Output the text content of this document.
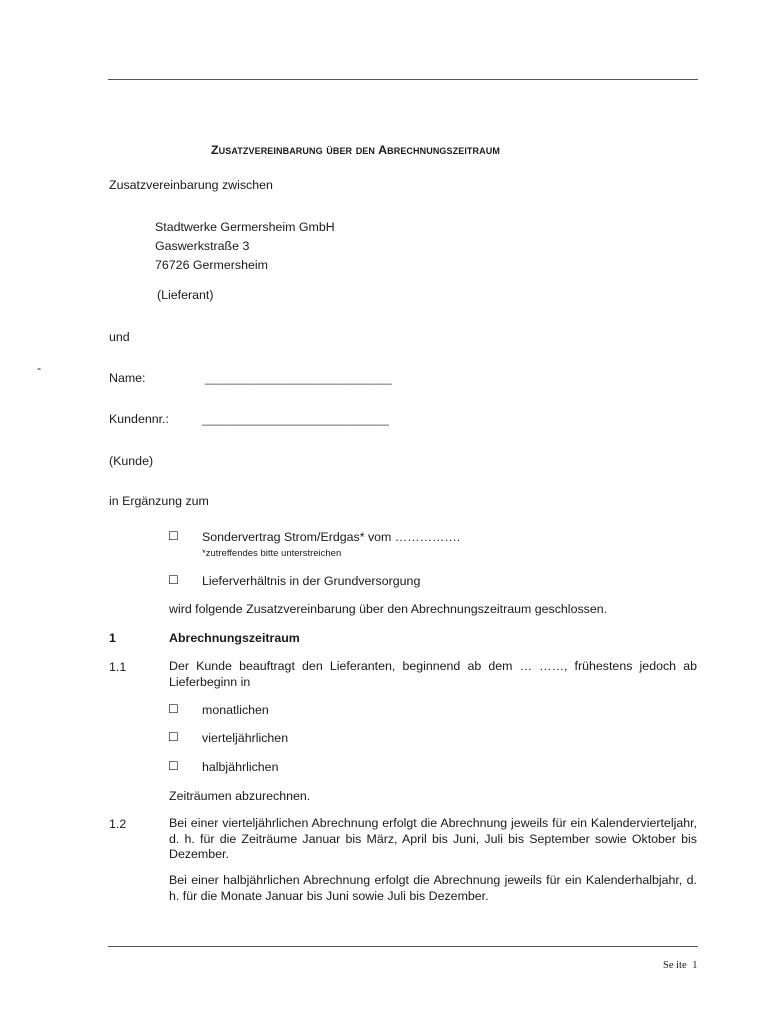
Zusatzvereinbarung über den Abrechnungszeitraum
Zusatzvereinbarung zwischen
Stadtwerke Germersheim GmbH
Gaswerkstraße 3
76726 Germersheim
(Lieferant)
und
-
Name:	____________________________
Kundennr.:	____________________________
(Kunde)
in Ergänzung zum
☐ Sondervertrag Strom/Erdgas* vom …………….
*zutreffendes bitte unterstreichen
☐ Lieferverhältnis in der Grundversorgung
wird folgende Zusatzvereinbarung über den Abrechnungszeitraum geschlossen.
1	Abrechnungszeitraum
1.1	Der Kunde beauftragt den Lieferanten, beginnend ab dem … ……, frühestens jedoch ab Lieferbeginn in
☐ monatlichen
☐ vierteljährlichen
☐ halbjährlichen
Zeiträumen abzurechnen.
1.2	Bei einer vierteljährlichen Abrechnung erfolgt die Abrechnung jeweils für ein Kalendervierteljahr, d. h. für die Zeiträume Januar bis März, April bis Juni, Juli bis September sowie Oktober bis Dezember.
Bei einer halbjährlichen Abrechnung erfolgt die Abrechnung jeweils für ein Kalenderhalbjahr, d. h. für die Monate Januar bis Juni sowie Juli bis Dezember.
Se ite 1
